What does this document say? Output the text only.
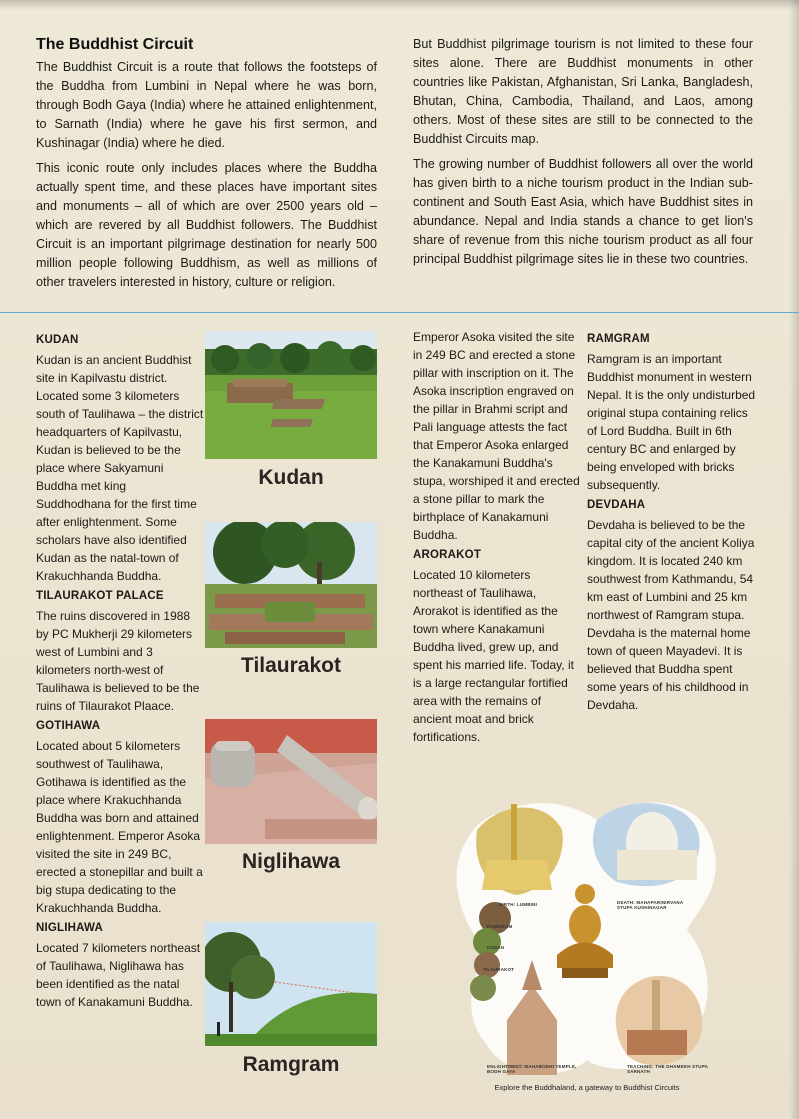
The Buddhist Circuit

The Buddhist Circuit is a route that follows the footsteps of the Buddha from Lumbini in Nepal where he was born, through Bodh Gaya (India) where he attained enlightenment, to Sarnath (India) where he gave his first sermon, and Kushinagar (India) where he died.

This iconic route only includes places where the Buddha actually spent time, and these places have important sites and monuments – all of which are over 2500 years old – which are revered by all Buddhist followers. The Buddhist Circuit is an important pilgrimage destination for nearly 500 million people following Buddhism, as well as millions of other travelers interested in history, culture or religion.

But Buddhist pilgrimage tourism is not limited to these four sites alone. There are Buddhist monuments in other countries like Pakistan, Afghanistan, Sri Lanka, Bangladesh, Bhutan, China, Cambodia, Thailand, and Laos, among others. Most of these sites are still to be connected to the Buddhist Circuits map.

The growing number of Buddhist followers all over the world has given birth to a niche tourism product in the Indian sub-continent and South East Asia, which have Buddhist sites in abundance. Nepal and India stands a chance to get lion's share of revenue from this niche tourism product as all four principal Buddhist pilgrimage sites lie in these two countries.

KUDAN

Kudan is an ancient Buddhist site in Kapilvastu district. Located some 3 kilometers south of Taulihawa – the district headquarters of Kapilvastu, Kudan is believed to be the place where Sakyamuni Buddha met king Suddhodhana for the first time after enlightenment. Some scholars have also identified Kudan as the natal-town of Krakuchhanda Buddha.

TILAURAKOT PALACE

The ruins discovered in 1988 by PC Mukherji 29 kilometers west of Lumbini and 3 kilometers north-west of Taulihawa is believed to be the ruins of Tilaurakot Plaace.

GOTIHAWA

Located about 5 kilometers southwest of Taulihawa, Gotihawa is identified as the place where Krakuchhanda Buddha was born and attained enlightenment. Emperor Asoka visited the site in 249 BC, erected a stonepillar and built a big stupa dedicating to the Krakuchhanda Buddha.

NIGLIHAWA

Located 7 kilometers northeast of Taulihawa, Niglihawa has been identified as the natal town of Kanakamuni Buddha.

Kudan
Tilaurakot
Niglihawa
Ramgram

Emperor Asoka visited the site in 249 BC and erected a stone pillar with inscription on it. The Asoka inscription engraved on the pillar in Brahmi script and Pali language attests the fact that Emperor Asoka enlarged the Kanakamuni Buddha's stupa, worshiped it and erected a stone pillar to mark the birthplace of Kanakamuni Buddha.

ARORAKOT

Located 10 kilometers northeast of Taulihawa, Arorakot is identified as the town where Kanakamuni Buddha lived, grew up, and spent his married life. Today, it is a large rectangular fortified area with the remains of ancient moat and brick fortifications.

RAMGRAM

Ramgram is an important Buddhist monument in western Nepal. It is the only undisturbed original stupa containing relics of Lord Buddha. Built in 6th century BC and enlarged by being enveloped with bricks subsequently.

DEVDAHA

Devdaha is believed to be the capital city of the ancient Koliya kingdom. It is located 240 km southwest from Kathmandu, 54 km east of Lumbini and 25 km northwest of Ramgram stupa. Devdaha is the maternal home town of queen Mayadevi. It is believed that Buddha spent some years of his childhood in Devdaha.

BIRTH: LUMBINI	DEATH: MAHAPARINIRVANA STUPA KUSHINAGAR
RAMGRAM
KUDAN
TILAURAKOT
ENLIGHTMENT: MAHABODHI TEMPLE, BODH GAYA
TEACHING: THE DHAMEKH STUPA SARNATH
Explore the Buddhaland, a gateway to Buddhist Circuits
